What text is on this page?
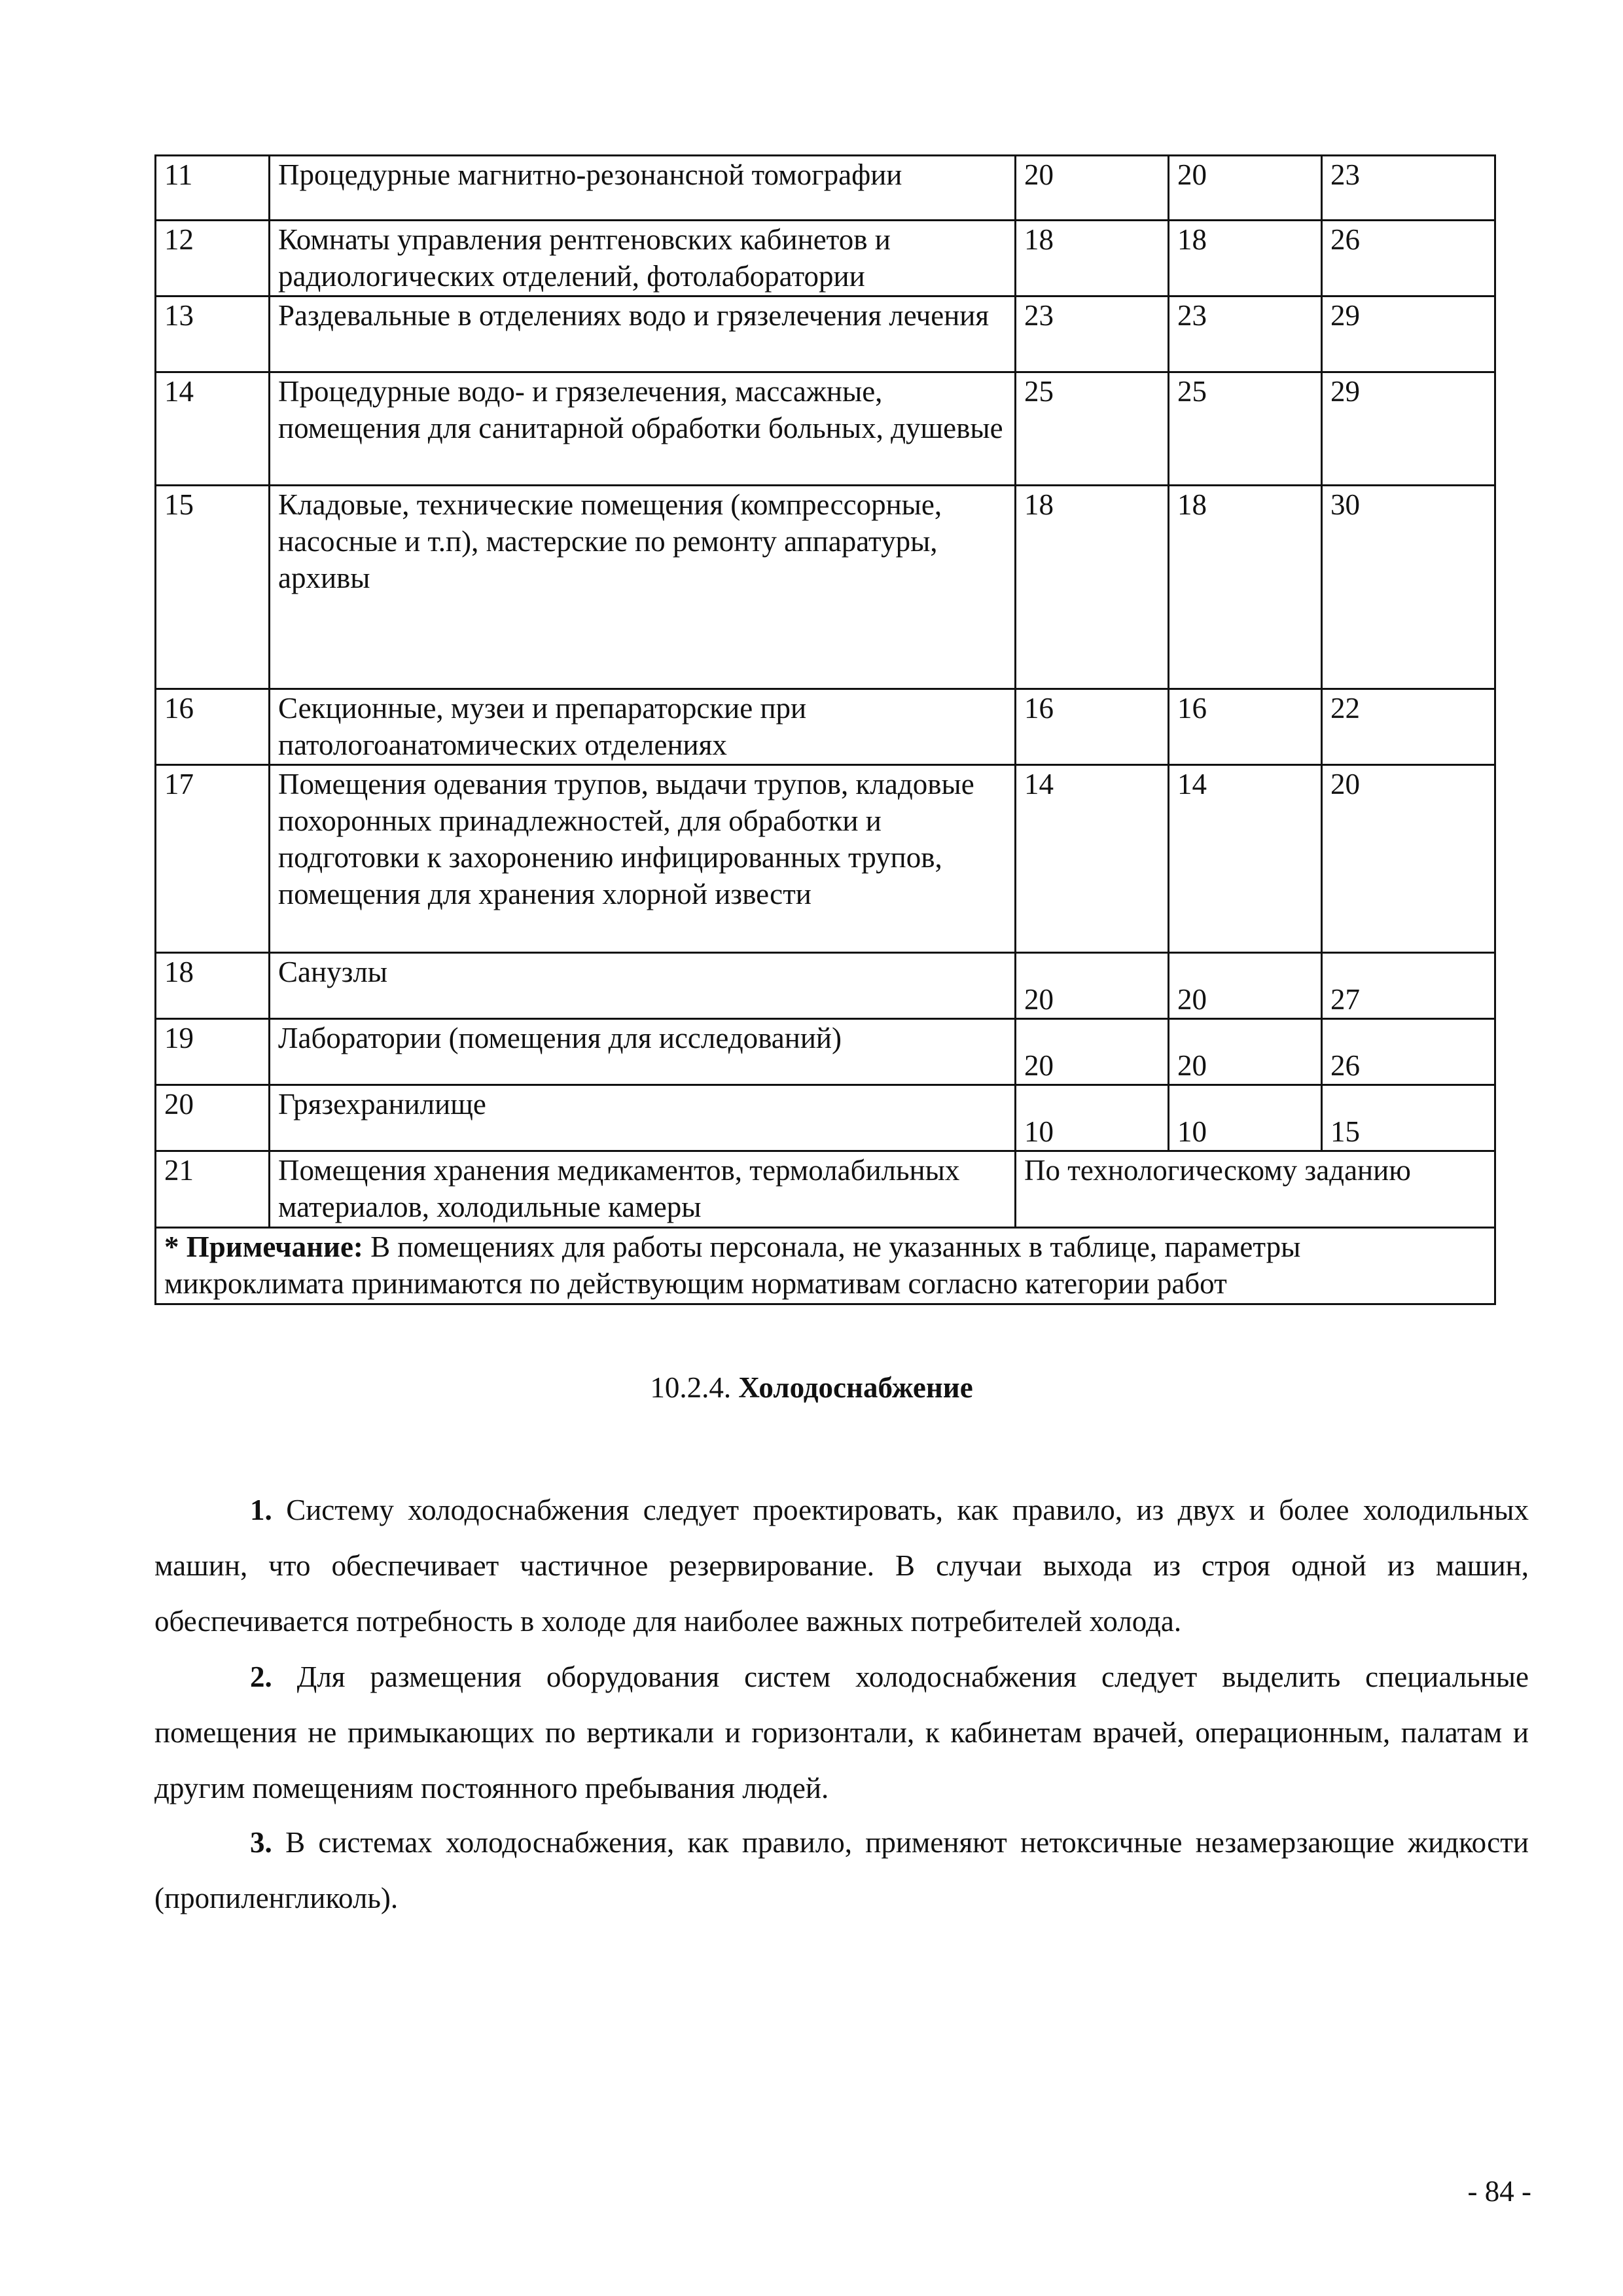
11	Процедурные магнитно-резонансной томографии	20	20	23
12	Комнаты управления рентгеновских кабинетов и радиологических отделений, фотолаборатории	18	18	26
13	Раздевальные в отделениях водо и грязелечения лечения	23	23	29
14	Процедурные водо- и грязелечения, массажные, помещения для санитарной обработки больных, душевые	25	25	29
15	Кладовые, технические помещения (компрессорные, насосные и т.п), мастерские по ремонту аппаратуры, архивы	18	18	30
16	Секционные, музеи и препараторские при патологоанатомических отделениях	16	16	22
17	Помещения одевания трупов, выдачи трупов, кладовые похоронных принадлежностей, для обработки и подготовки к захоронению инфицированных трупов, помещения для хранения хлорной извести	14	14	20
18	Санузлы	20	20	27
19	Лаборатории (помещения для исследований)	20	20	26
20	Грязехранилище	10	10	15
21	Помещения хранения медикаментов, термолабильных материалов, холодильные камеры	По технологическому заданию		
* Примечание: В помещениях для работы персонала, не указанных в таблице, параметры микроклимата принимаются по действующим нормативам согласно категории работ				
10.2.4. Холодоснабжение

1. Систему холодоснабжения следует проектировать, как правило, из двух и более холодильных машин, что обеспечивает частичное резервирование. В случаи выхода из строя одной из машин, обеспечивается потребность в холоде для наиболее важных потребителей холода.

2. Для размещения оборудования систем холодоснабжения следует выделить специальные помещения не примыкающих по вертикали и горизонтали, к кабинетам врачей, операционным, палатам и другим помещениям постоянного пребывания людей.

3. В системах холодоснабжения, как правило, применяют нетоксичные незамерзающие жидкости (пропиленгликоль).

- 84 -
